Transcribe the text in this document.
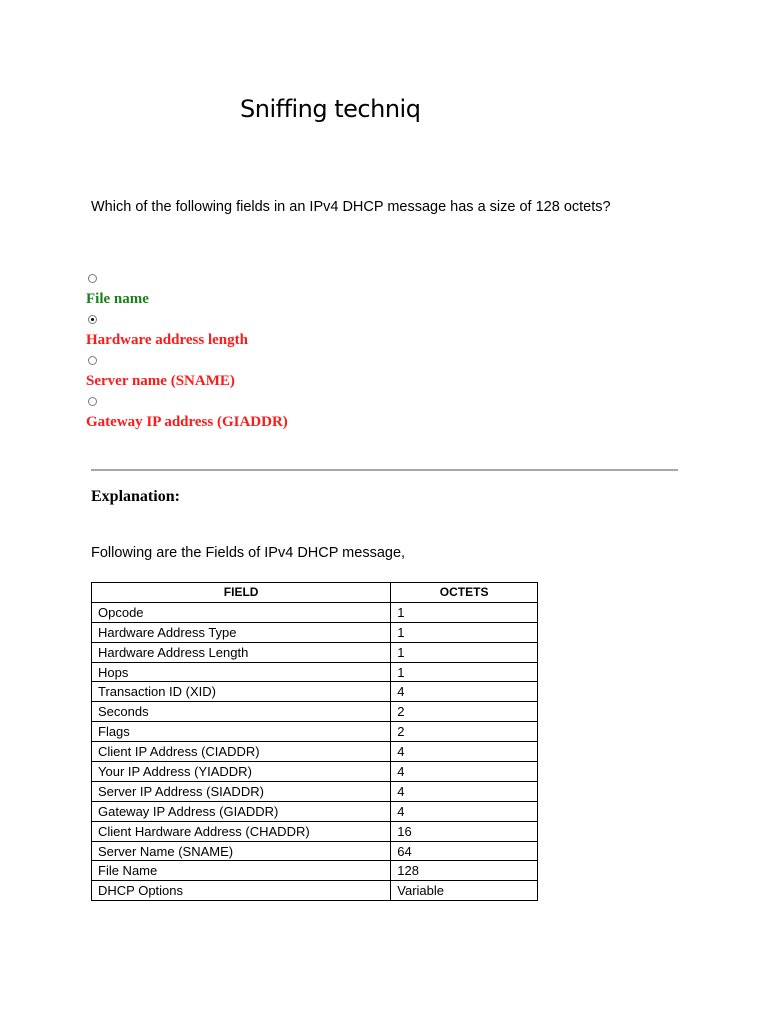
Sniffing techniq
Which of the following fields in an IPv4 DHCP message has a size of 128 octets?
File name
Hardware address length
Server name (SNAME)
Gateway IP address (GIADDR)
Explanation:
Following are the Fields of IPv4 DHCP message,
FIELD	OCTETS
Opcode	1
Hardware Address Type	1
Hardware Address Length	1
Hops	1
Transaction ID (XID)	4
Seconds	2
Flags	2
Client IP Address (CIADDR)	4
Your IP Address (YIADDR)	4
Server IP Address (SIADDR)	4
Gateway IP Address (GIADDR)	4
Client Hardware Address (CHADDR)	16
Server Name (SNAME)	64
File Name	128
DHCP Options	Variable
